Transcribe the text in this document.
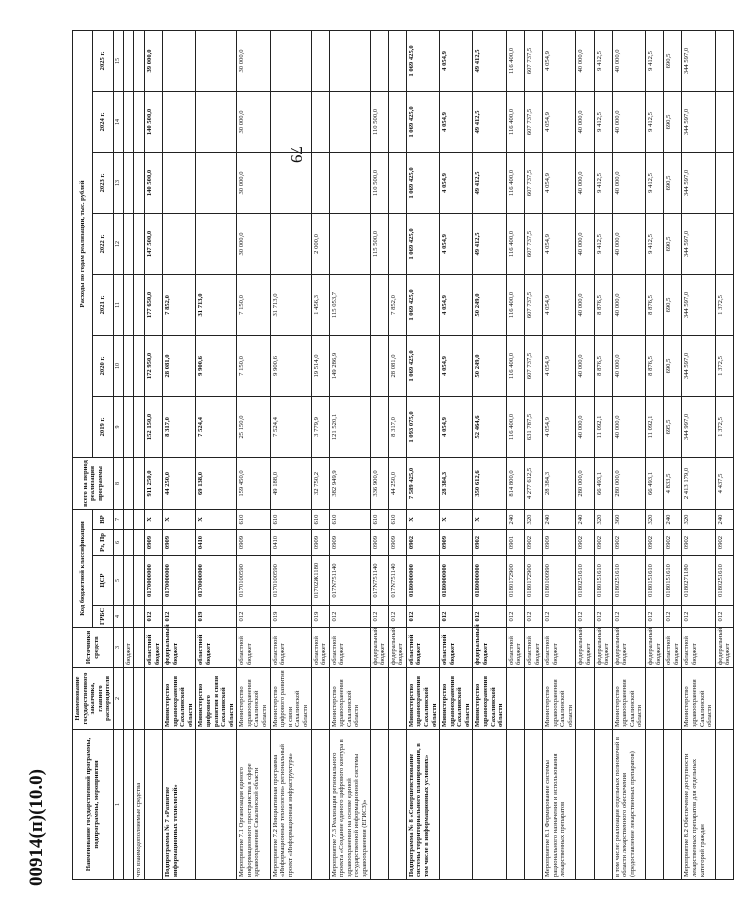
79
Наименование государственной программы, подпрограммы, мероприятия	Наименование государственного заказчика, главного распорядителя	Источники средств	Код бюджетной классификации				всего на период реализации программы	Расходы по годам реализации, тыс. рублей						
			ГРБС	ЦСР	Рз, Пр	ВР		2019 г.	2020 г.	2021 г.	2022 г.	2023 г.	2024 г.	2025 г.
1	2	3	4	5	6	7	8	9	10	11	12	13	14	15
		бюджет												
что взаимодополняемые средства														
		областной бюджет	012	0170000000	0909	X	911 250,0	152 150,0	172 950,0	177 650,0	147 500,0	140 500,0	140 500,0	39 000,0
Подпрограмма № 7 «Развитие информационных технологий»	Министерство здравоохранения Сахалинской области	федеральный бюджет	012	0170000000	0909	X	44 250,0	8 317,0	28 081,0	7 852,0				
	Министерство цифрового развития и связи Сахалинской области	областной бюджет	019	0170000000	0410	X	69 138,0	7 524,4	9 900,6	31 713,0				
Мероприятие 7.1 Организация единого информационного пространства в сфере здравоохранения Сахалинской области	Министерство здравоохранения Сахалинской области	областной бюджет	012	0170100590	0909	610	159 450,0	25 150,0	7 150,0	7 150,0	30 000,0	30 000,0	30 000,0	30 000,0
Мероприятие 7.2 Инициативная программа «Информационные технологии» региональный проект «Информационная инфраструктура»	Министерство цифрового развития и связи Сахалинской области	областной бюджет	019	0170100590	0410	610	49 188,0	7 524,4	9 900,6	31 713,0				
		областной бюджет	019	01702Ж1180	0909	610	32 750,2	3 779,9	19 514,0	1 456,3	2 000,0			
Мероприятие 7.3 Реализация регионального проекта «Создание единого цифрового контура в здравоохранении на основе единой государственной информационной системы здравоохранения (ЕГИСЗ)»	Министерство здравоохранения Сахалинской области	областной бюджет	012	017N751140	0909	610	382 949,9	121 520,1	149 286,9	115 053,7				
		федеральный бюджет	012	017N751140	0909	610	336 900,0				115 500,0	110 500,0	110 500,0	
		федеральный бюджет	012	017N751140	0909	610	44 250,0	8 317,0	28 081,0	7 852,0				
Подпрограмма № 8 «Совершенствование системы территориального планирования, в том числе в информационных условиях»	Министерство здравоохранения Сахалинской области	областной бюджет	012	0180000000	0902	X	7 589 425,0	1 093 075,0	1 069 425,0	1 069 425,0	1 069 425,0	1 069 425,0	1 069 425,0	1 069 425,0
	Министерство здравоохранения Сахалинской области	областной бюджет	012	0180000000	0909	X	28 384,3	4 054,9	4 054,9	4 054,9	4 054,9	4 054,9	4 054,9	4 054,9
	Министерство здравоохранения Сахалинской области	федеральный бюджет	012	0180000000	0902	X	350 612,6	52 464,6	50 249,0	50 249,0	49 412,5	49 412,5	49 412,5	49 412,5
		областной бюджет	012	0180172900	0901	240	814 800,0	116 400,0	116 400,0	116 400,0	116 400,0	116 400,0	116 400,0	116 400,0
		областной бюджет	012	0180172900	0902	320	4 277 612,5	631 787,5	607 737,5	607 737,5	607 737,5	607 737,5	607 737,5	607 737,5
Мероприятие 8.1 Формирование системы рационального назначения и использования лекарственных препаратов	Министерство здравоохранения Сахалинской области	областной бюджет	012	0180100990	0909	240	28 384,3	4 054,9	4 054,9	4 054,9	4 054,9	4 054,9	4 054,9	4 054,9
		федеральный бюджет	012	0180251610	0902	240	280 000,0	40 000,0	40 000,0	40 000,0	40 000,0	40 000,0	40 000,0	40 000,0
		федеральный бюджет	012	0180151610	0902	320	66 493,1	11 092,1	8 876,5	8 876,5	9 412,5	9 412,5	9 412,5	9 412,5
в том числе: реализация отдельных полномочий в области лекарственного обеспечения (предоставление лекарственных препаратов)	Министерство здравоохранения Сахалинской области	федеральный бюджет	012	0180251610	0902	360	280 000,0	40 000,0	40 000,0	40 000,0	40 000,0	40 000,0	40 000,0	40 000,0
		федеральный бюджет	012	0180151610	0902	320	66 493,1	11 092,1	8 876,5	8 876,5	9 412,5	9 412,5	9 412,5	9 412,5
		областной бюджет	012	0180151610	0902	240	4 833,5	695,5	690,5	690,5	690,5	690,5	690,5	690,5
Мероприятие 8.2 Обеспечение доступности лекарственных препаратов для отдельных категорий граждан	Министерство здравоохранения Сахалинской области	областной бюджет	012	0180271180	0902	320	2 413 179,0	344 997,0	344 597,0	344 597,0	344 597,0	344 597,0	344 597,0	344 597,0
		федеральный бюджет	012	0180251610	0902	240	4 437,5	1 372,5	1 372,5	1 372,5				
00914(п)(10.0)
